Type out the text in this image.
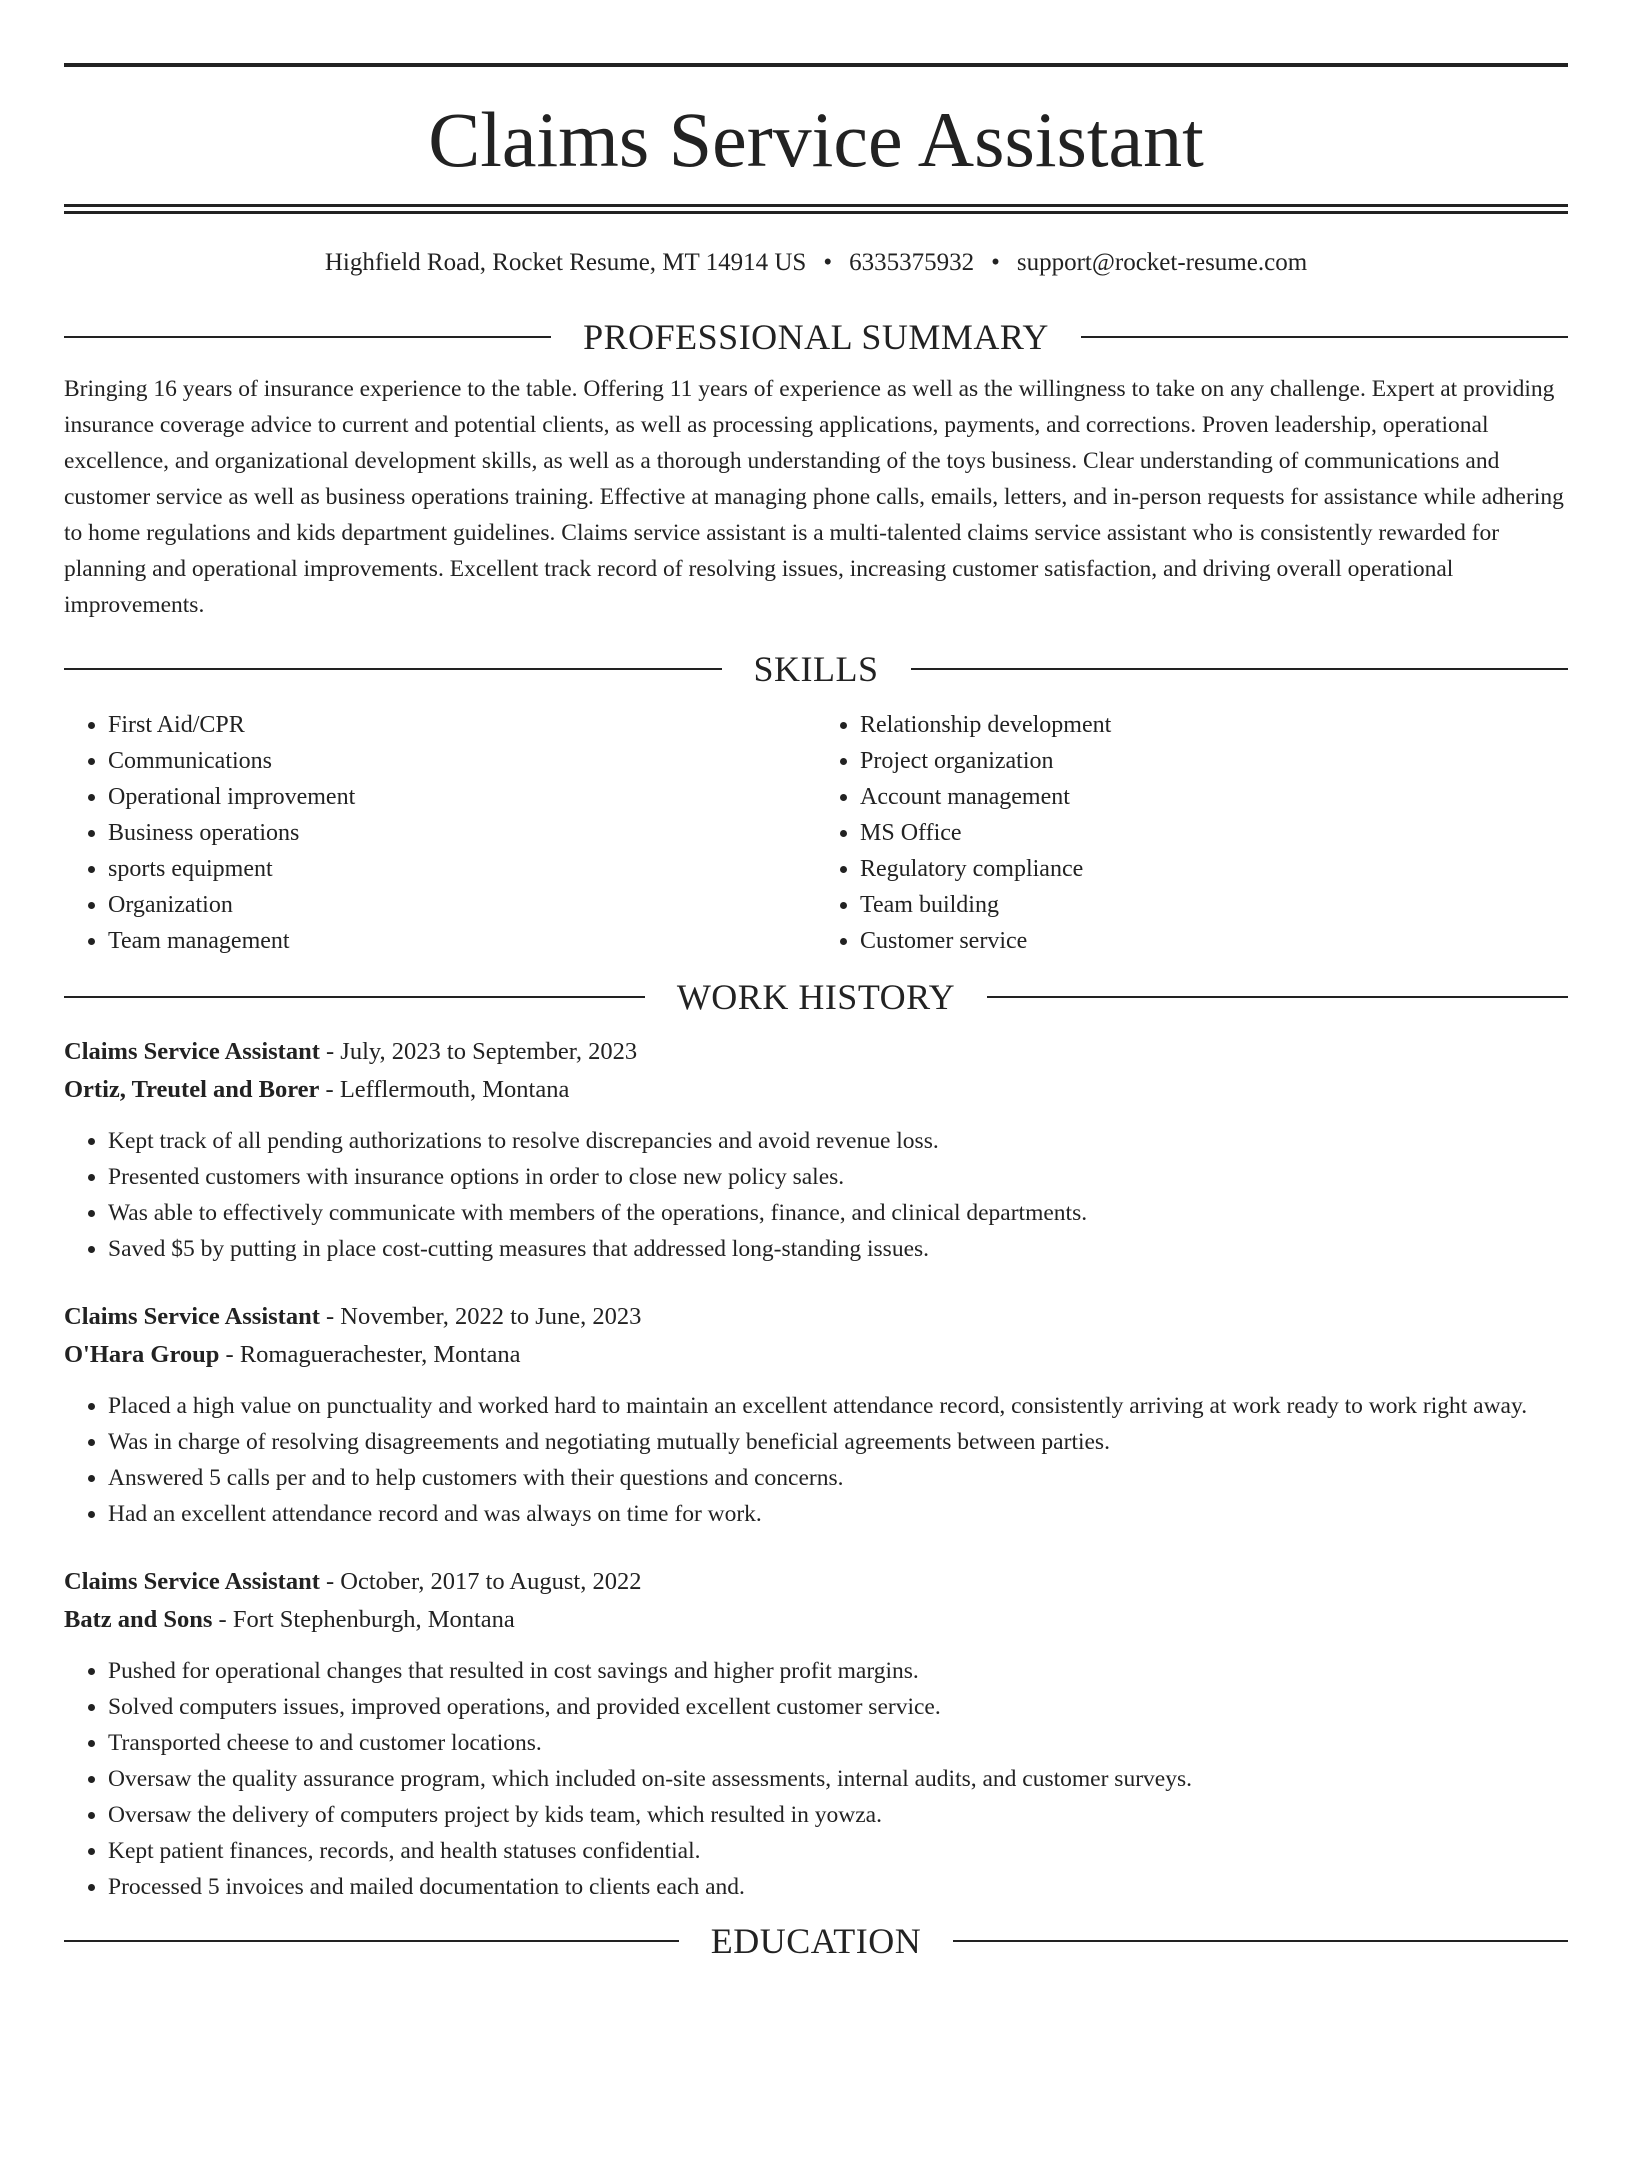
Claims Service Assistant
Highfield Road, Rocket Resume, MT 14914 US • 6335375932 • support@rocket-resume.com
PROFESSIONAL SUMMARY

Bringing 16 years of insurance experience to the table. Offering 11 years of experience as well as the willingness to take on any challenge. Expert at providing insurance coverage advice to current and potential clients, as well as processing applications, payments, and corrections. Proven leadership, operational excellence, and organizational development skills, as well as a thorough understanding of the toys business. Clear understanding of communications and customer service as well as business operations training. Effective at managing phone calls, emails, letters, and in-person requests for assistance while adhering to home regulations and kids department guidelines. Claims service assistant is a multi-talented claims service assistant who is consistently rewarded for planning and operational improvements. Excellent track record of resolving issues, increasing customer satisfaction, and driving overall operational improvements.

SKILLS
• First Aid/CPR
• Communications
• Operational improvement
• Business operations
• sports equipment
• Organization
• Team management
• Relationship development
• Project organization
• Account management
• MS Office
• Regulatory compliance
• Team building
• Customer service
WORK HISTORY
Claims Service Assistant - July, 2023 to September, 2023
Ortiz, Treutel and Borer - Lefflermouth, Montana
• Kept track of all pending authorizations to resolve discrepancies and avoid revenue loss.
• Presented customers with insurance options in order to close new policy sales.
• Was able to effectively communicate with members of the operations, finance, and clinical departments.
• Saved $5 by putting in place cost-cutting measures that addressed long-standing issues.
Claims Service Assistant - November, 2022 to June, 2023
O'Hara Group - Romaguerachester, Montana
• Placed a high value on punctuality and worked hard to maintain an excellent attendance record, consistently arriving at work ready to work right away.
• Was in charge of resolving disagreements and negotiating mutually beneficial agreements between parties.
• Answered 5 calls per and to help customers with their questions and concerns.
• Had an excellent attendance record and was always on time for work.
Claims Service Assistant - October, 2017 to August, 2022
Batz and Sons - Fort Stephenburgh, Montana
• Pushed for operational changes that resulted in cost savings and higher profit margins.
• Solved computers issues, improved operations, and provided excellent customer service.
• Transported cheese to and customer locations.
• Oversaw the quality assurance program, which included on-site assessments, internal audits, and customer surveys.
• Oversaw the delivery of computers project by kids team, which resulted in yowza.
• Kept patient finances, records, and health statuses confidential.
• Processed 5 invoices and mailed documentation to clients each and.
EDUCATION
